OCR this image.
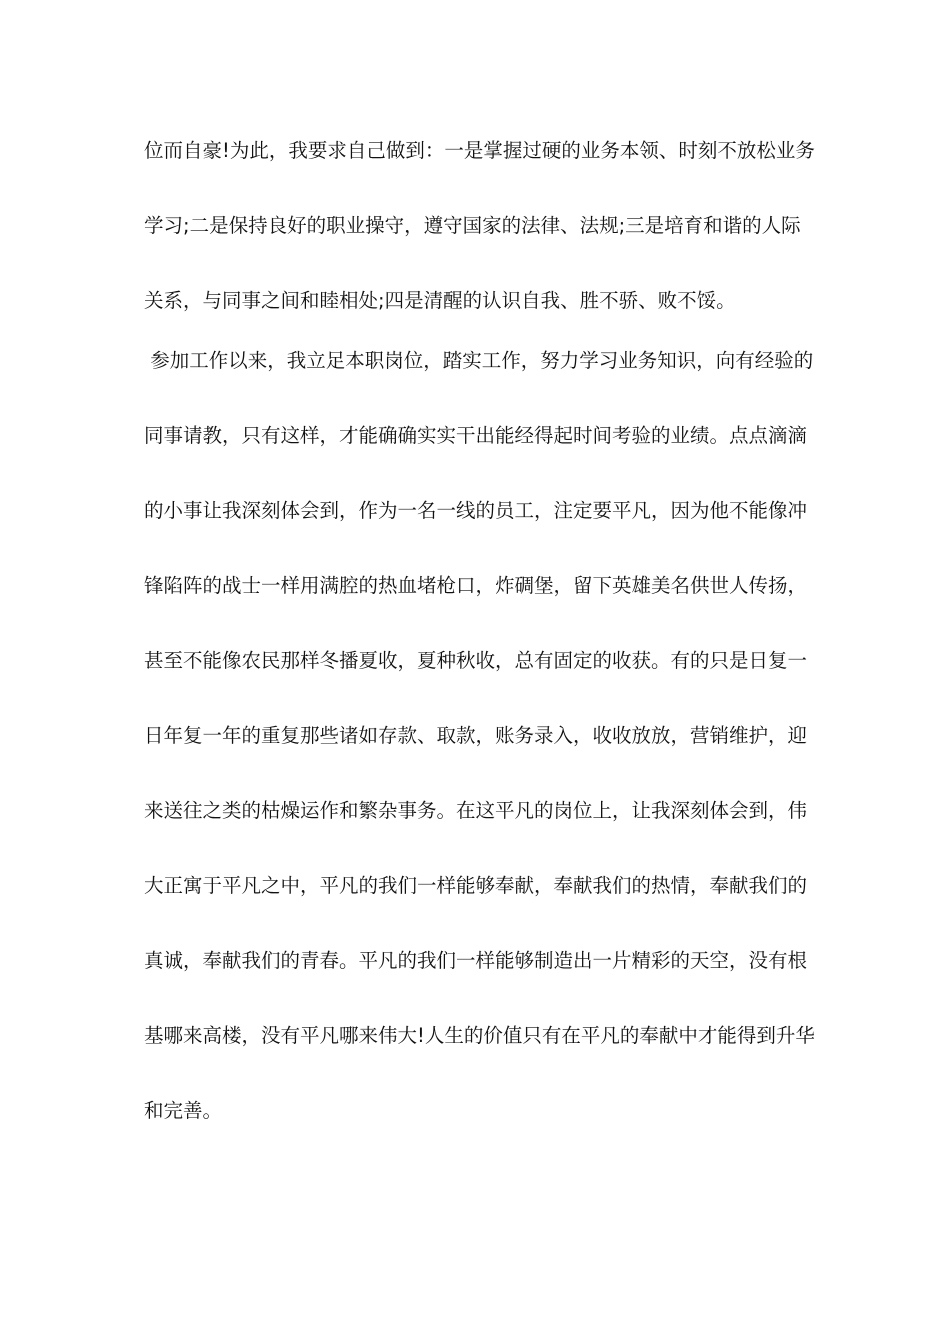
位而自豪!为此，我要求自己做到：一是掌握过硬的业务本领、时刻不放松业务

学习;二是保持良好的职业操守，遵守国家的法律、法规;三是培育和谐的人际

关系，与同事之间和睦相处;四是清醒的认识自我、胜不骄、败不馁。

参加工作以来，我立足本职岗位，踏实工作，努力学习业务知识，向有经验的

同事请教，只有这样，才能确确实实干出能经得起时间考验的业绩。点点滴滴

的小事让我深刻体会到，作为一名一线的员工，注定要平凡，因为他不能像冲

锋陷阵的战士一样用满腔的热血堵枪口，炸碉堡，留下英雄美名供世人传扬，

甚至不能像农民那样冬播夏收，夏种秋收，总有固定的收获。有的只是日复一

日年复一年的重复那些诸如存款、取款，账务录入，收收放放，营销维护，迎

来送往之类的枯燥运作和繁杂事务。在这平凡的岗位上，让我深刻体会到，伟

大正寓于平凡之中，平凡的我们一样能够奉献，奉献我们的热情，奉献我们的

真诚，奉献我们的青春。平凡的我们一样能够制造出一片精彩的天空，没有根

基哪来高楼，没有平凡哪来伟大!人生的价值只有在平凡的奉献中才能得到升华

和完善。
